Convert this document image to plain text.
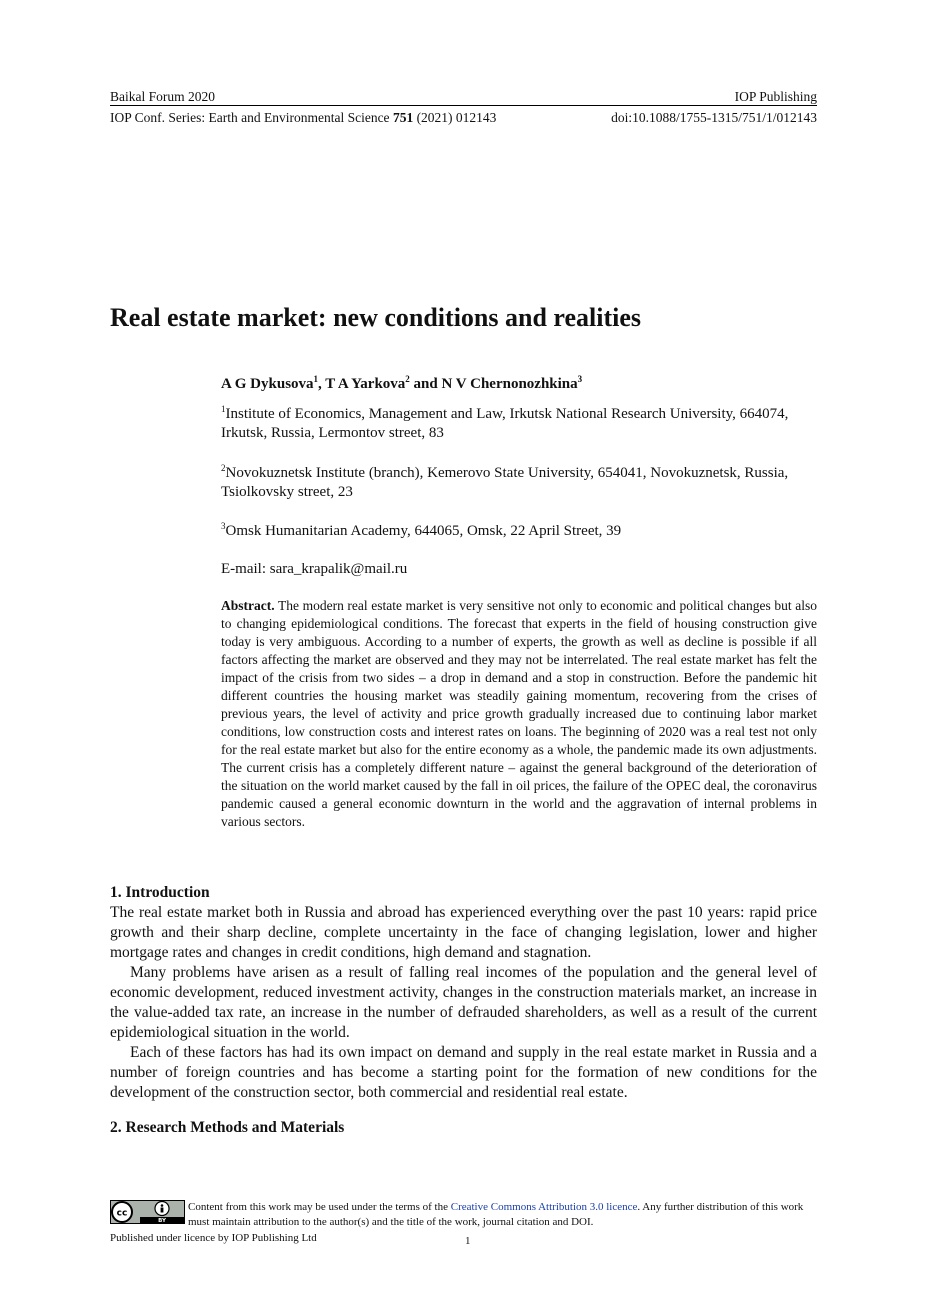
Baikal Forum 2020	IOP Publishing
IOP Conf. Series: Earth and Environmental Science 751 (2021) 012143	doi:10.1088/1755-1315/751/1/012143
Real estate market: new conditions and realities
A G Dykusova$^1$, T A Yarkova$^2$ and N V Chernonozhkina$^3$
$^1$Institute of Economics, Management and Law, Irkutsk National Research University, 664074, Irkutsk, Russia, Lermontov street, 83
$^2$Novokuznetsk Institute (branch), Kemerovo State University, 654041, Novokuznetsk, Russia, Tsiolkovsky street, 23
$^3$Omsk Humanitarian Academy, 644065, Omsk, 22 April Street, 39
E-mail: sara_krapalik@mail.ru
Abstract. The modern real estate market is very sensitive not only to economic and political changes but also to changing epidemiological conditions. The forecast that experts in the field of housing construction give today is very ambiguous. According to a number of experts, the growth as well as decline is possible if all factors affecting the market are observed and they may not be interrelated. The real estate market has felt the impact of the crisis from two sides – a drop in demand and a stop in construction. Before the pandemic hit different countries the housing market was steadily gaining momentum, recovering from the crises of previous years, the level of activity and price growth gradually increased due to continuing labor market conditions, low construction costs and interest rates on loans. The beginning of 2020 was a real test not only for the real estate market but also for the entire economy as a whole, the pandemic made its own adjustments. The current crisis has a completely different nature – against the general background of the deterioration of the situation on the world market caused by the fall in oil prices, the failure of the OPEC deal, the coronavirus pandemic caused a general economic downturn in the world and the aggravation of internal problems in various sectors.
1. Introduction

The real estate market both in Russia and abroad has experienced everything over the past 10 years: rapid price growth and their sharp decline, complete uncertainty in the face of changing legislation, lower and higher mortgage rates and changes in credit conditions, high demand and stagnation.

Many problems have arisen as a result of falling real incomes of the population and the general level of economic development, reduced investment activity, changes in the construction materials market, an increase in the value-added tax rate, an increase in the number of defrauded shareholders, as well as a result of the current epidemiological situation in the world.

Each of these factors has had its own impact on demand and supply in the real estate market in Russia and a number of foreign countries and has become a starting point for the formation of new conditions for the development of the construction sector, both commercial and residential real estate.

2. Research Methods and Materials
cc
BY
Content from this work may be used under the terms of the Creative Commons Attribution 3.0 licence. Any further distribution of this work must maintain attribution to the author(s) and the title of the work, journal citation and DOI.
Published under licence by IOP Publishing Ltd	1
